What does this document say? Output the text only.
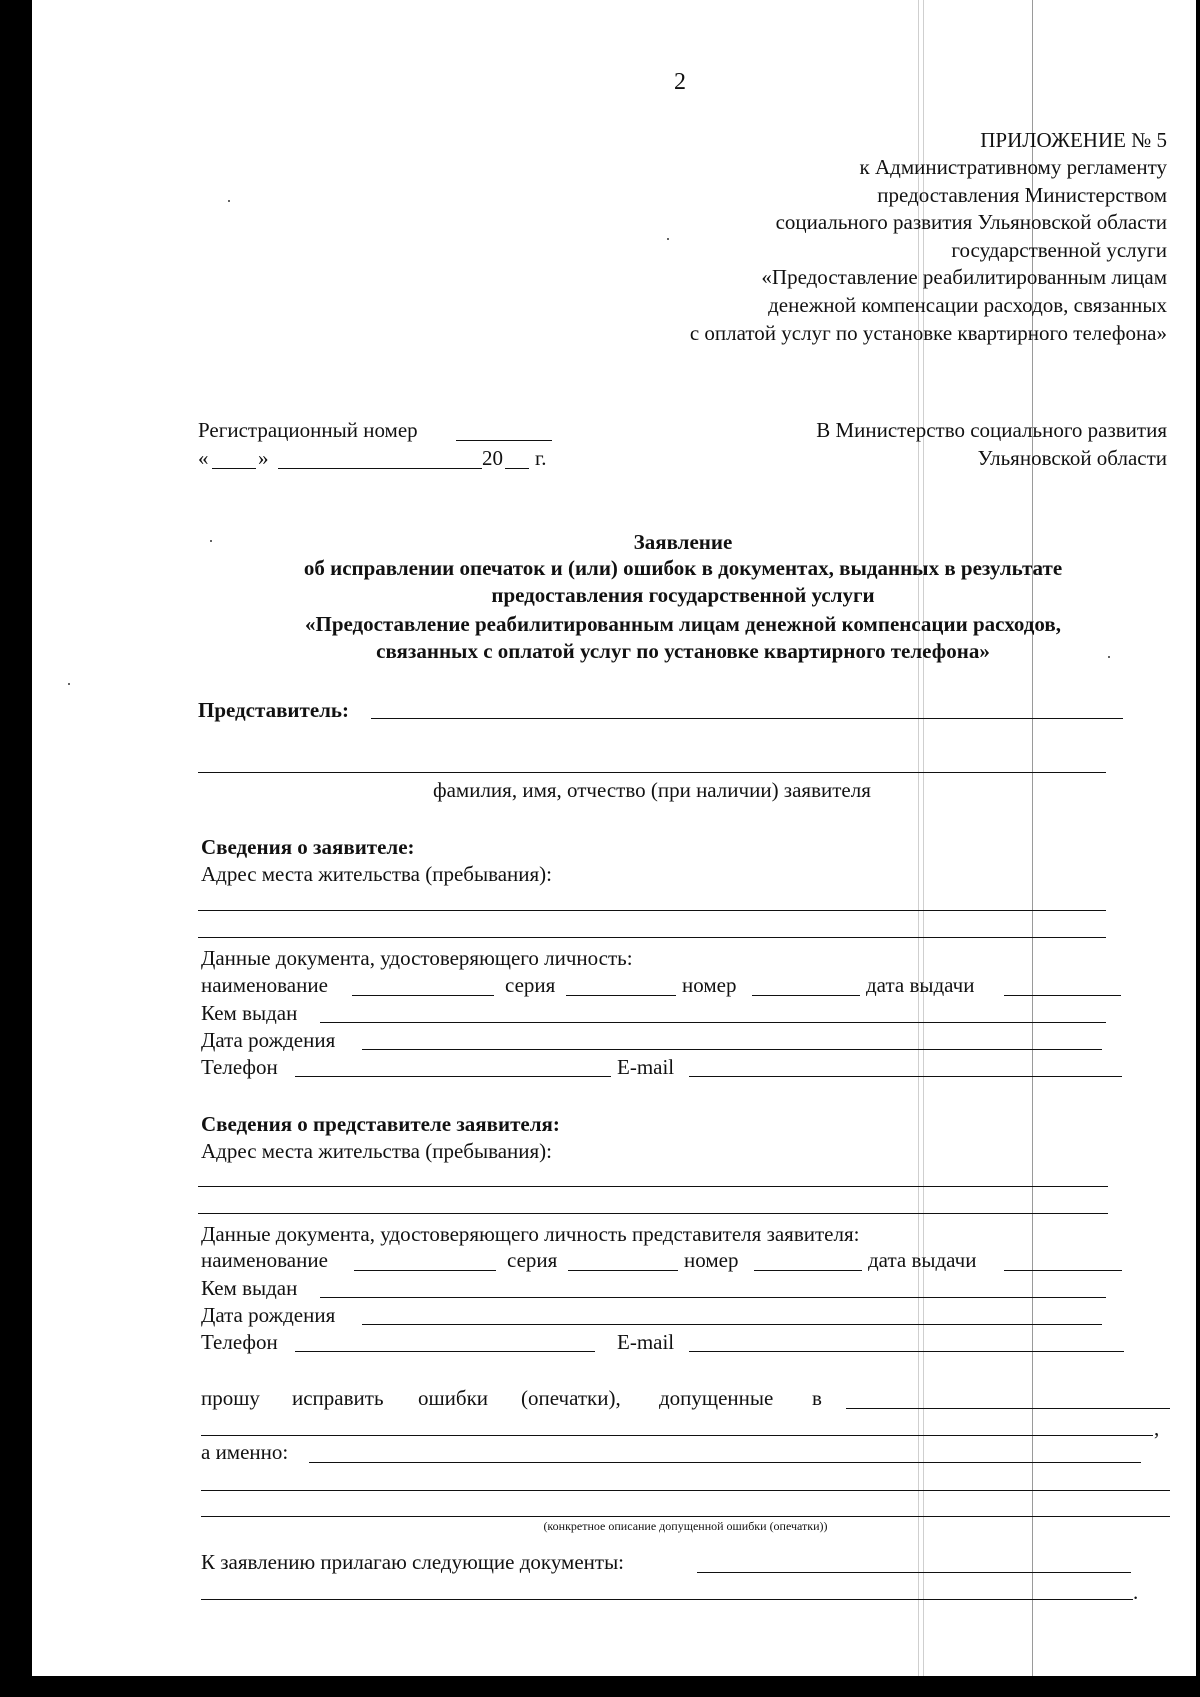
2
ПРИЛОЖЕНИЕ № 5
к Административному регламенту
предоставления Министерством
социального развития Ульяновской области
государственной услуги
«Предоставление реабилитированным лицам
денежной компенсации расходов, связанных
с оплатой услуг по установке квартирного телефона»
Регистрационный номер
« »	20 г.
В Министерство социального развития
Ульяновской области
Заявление
об исправлении опечаток и (или) ошибок в документах, выданных в результате
предоставления государственной услуги
«Предоставление реабилитированным лицам денежной компенсации расходов,
связанных с оплатой услуг по установке квартирного телефона»
Представитель:
фамилия, имя, отчество (при наличии) заявителя
Сведения о заявителе:
Адрес места жительства (пребывания):
Данные документа, удостоверяющего личность:
наименование	серия	номер	дата выдачи
Кем выдан
Дата рождения
Телефон	E-mail
Сведения о представителе заявителя:
Адрес места жительства (пребывания):
Данные документа, удостоверяющего личность представителя заявителя:
наименование	серия	номер	дата выдачи
Кем выдан
Дата рождения
Телефон	E-mail
прошу исправить ошибки (опечатки), допущенные в
,
а именно:
(конкретное описание допущенной ошибки (опечатки))
К заявлению прилагаю следующие документы:
.
